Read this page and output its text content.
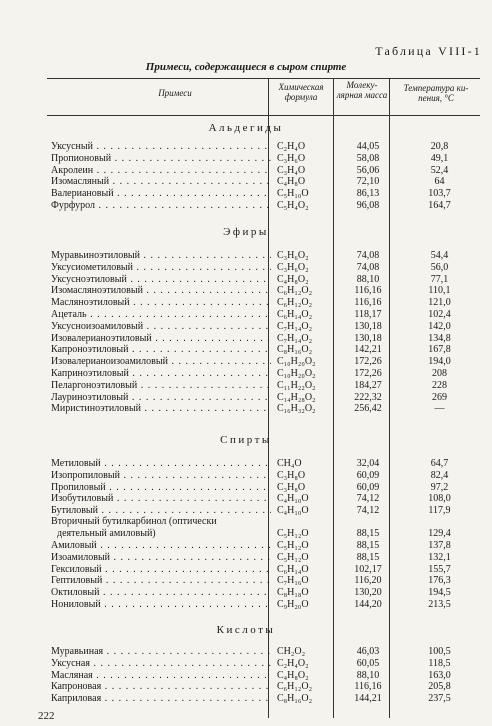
Таблица VIII-1
Примеси, содержащиеся в сыром спирте
Примеси
Химическая формула
Молеку-лярная масса
Температура ки-пения, °С
Альдегиды
Уксусный . . .	C₂H₄O	44,05	20,8
Пропионовый . . .	C₃H₆O	58,08	49,1
Акролеин . . .	C₃H₄O	56,06	52,4
Изомасляный . . .	C₄H₈O	72,10	64
Валериановый . . .	C₅H₁₀O	86,13	103,7
Фурфурол . . .	C₅H₄O₂	96,08	164,7
Эфиры
Муравьиноэтиловый . . .	C₃H₆O₂	74,08	54,4
Уксусиометиловый . . .	C₃H₆O₂	74,08	56,0
Уксусноэтиловый . . .	C₄H₈O₂	88,10	77,1
Изомасляноэтиловый . . .	C₆H₁₂O₂	116,16	110,1
Масляноэтиловый . . .	C₆H₁₂O₂	116,16	121,0
Ацеталь . . .	C₆H₁₄O₂	118,17	102,4
Уксусноизоамиловый . . .	C₇H₁₄O₂	130,18	142,0
Изовалерианоэтиловый . . .	C₇H₁₄O₂	130,18	134,8
Капроноэтиловый . . .	C₈H₁₆O₂	142,21	167,8
Изовалерианоизоамиловый . . .	C₁₀H₂₀O₂	172,26	194,0
Каприноэтиловый . . .	C₁₀H₂₀O₂	172,26	208
Пеларгоноэтиловый . . .	C₁₁H₂₂O₂	184,27	228
Лауриноэтиловый . . .	C₁₄H₂₈O₂	222,32	269
Миристиноэтиловый . . .	C₁₆H₃₂O₂	256,42	—
Спирты
Метиловый . . .	CH₄O	32,04	64,7
Изопропиловый . . .	C₃H₈O	60,09	82,4
Пропиловый . . .	C₃H₈O	60,09	97,2
Изобутиловый . . .	C₄H₁₀O	74,12	108,0
Бутиловый . . .	C₄H₁₀O	74,12	117,9
Вторичный бутилкарбинол (оптически
деятельный амиловый)	C₅H₁₂O	88,15	129,4
Амиловый . . .	C₅H₁₂O	88,15	137,8
Изоамиловый . . .	C₅H₁₂O	88,15	132,1
Гексиловый . . .	C₆H₁₄O	102,17	155,7
Гептиловый . . .	C₇H₁₆O	116,20	176,3
Октиловый . . .	C₈H₁₈O	130,20	194,5
Нониловый . . .	C₉H₂₀O	144,20	213,5
Кислоты
Муравьиная . . .	CH₂O₂	46,03	100,5
Уксусная . . .	C₂H₄O₂	60,05	118,5
Масляная . . .	C₄H₈O₂	88,10	163,0
Капроновая . . .	C₆H₁₂O₂	116,16	205,8
Каприловая . . .	C₈H₁₆O₂	144,21	237,5
222
